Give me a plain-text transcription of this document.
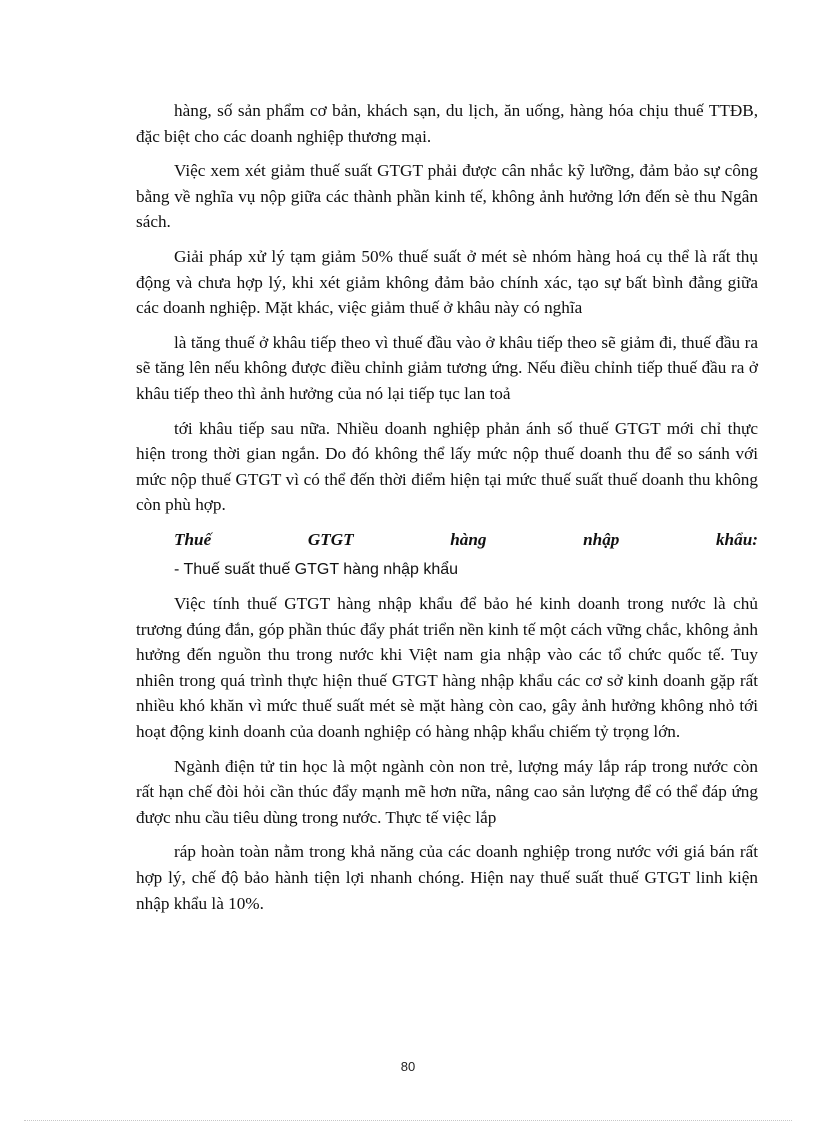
hàng, số sản phẩm cơ bản, khách sạn, du lịch, ăn uống, hàng hóa chịu thuế TTĐB, đặc biệt cho các doanh nghiệp thương mại.

Việc xem xét giảm thuế suất GTGT phải được cân nhắc kỹ lưỡng, đảm bảo sự công bằng về nghĩa vụ nộp giữa các thành phần kinh tế, không ảnh hưởng lớn đến sè thu Ngân sách.

Giải pháp xử lý tạm giảm 50% thuế suất ở mét sè nhóm hàng hoá cụ thể là rất thụ động và chưa hợp lý, khi xét giảm không đảm bảo chính xác, tạo sự bất bình đẳng giữa các doanh nghiệp. Mặt khác, việc giảm thuế ở khâu này có nghĩa

là tăng thuế ở khâu tiếp theo vì thuế đầu vào ở khâu tiếp theo sẽ giảm đi, thuế đầu ra sẽ tăng lên nếu không được điều chỉnh giảm tương ứng. Nếu điều chỉnh tiếp thuế đầu ra ở khâu tiếp theo thì ảnh hưởng của nó lại tiếp tục lan toả

tới khâu tiếp sau nữa. Nhiều doanh nghiệp phản ánh số thuế GTGT mới chỉ thực hiện trong thời gian ngắn. Do đó không thể lấy mức nộp thuế doanh thu để so sánh với mức nộp thuế GTGT vì có thể đến thời điểm hiện tại mức thuế suất thuế doanh thu không còn phù hợp.

Thuế	GTGT	hàng	nhập	khẩu:

- Thuế suất thuế GTGT hàng nhập khẩu

Việc tính thuế GTGT hàng nhập khẩu để bảo hé kinh doanh trong nước là chủ trương đúng đắn, góp phần thúc đẩy phát triển nền kinh tế một cách vững chắc, không ảnh hưởng đến nguồn thu trong nước khi Việt nam gia nhập vào các tổ chức quốc tế. Tuy nhiên trong quá trình thực hiện thuế GTGT hàng nhập khẩu các cơ sở kinh doanh gặp rất nhiều khó khăn vì mức thuế suất mét sè mặt hàng còn cao, gây ảnh hưởng không nhỏ tới hoạt động kinh doanh của doanh nghiệp có hàng nhập khẩu chiếm tỷ trọng lớn.

Ngành điện tử tin học là một ngành còn non trẻ, lượng máy lắp ráp trong nước còn rất hạn chế đòi hỏi cần thúc đẩy mạnh mẽ hơn nữa, nâng cao sản lượng để có thể đáp ứng được nhu cầu tiêu dùng trong nước. Thực tế việc lắp

ráp hoàn toàn nằm trong khả năng của các doanh nghiệp trong nước với giá bán rất hợp lý, chế độ bảo hành tiện lợi nhanh chóng. Hiện nay thuế suất thuế GTGT linh kiện nhập khẩu là 10%.

80
